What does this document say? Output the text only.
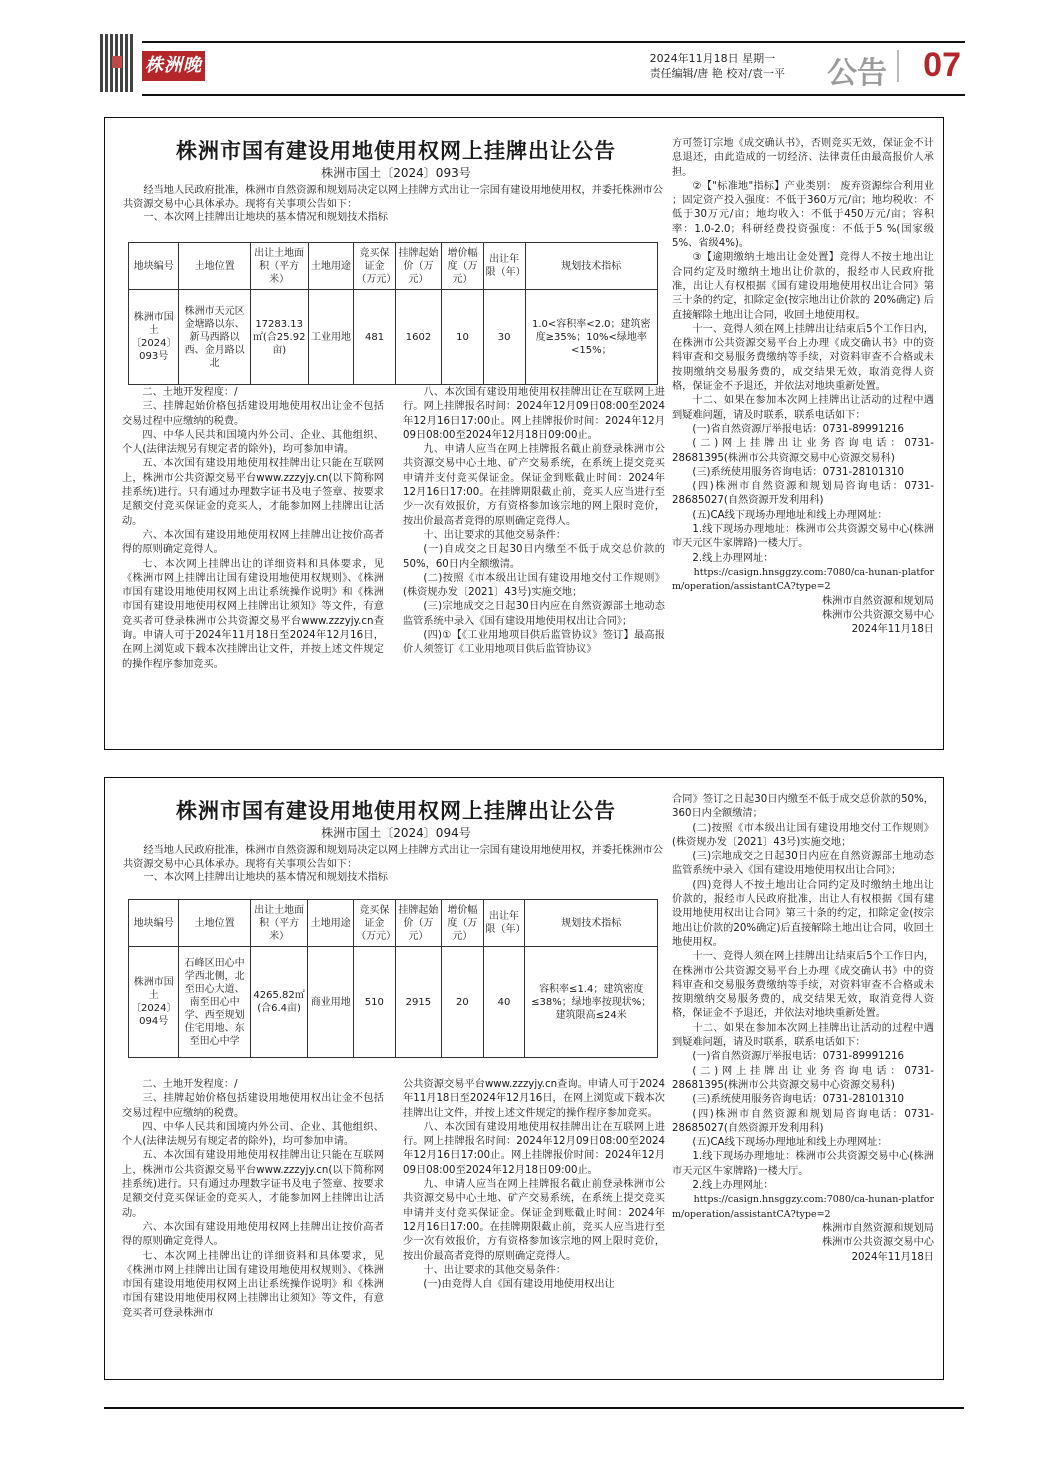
株洲晚报
2024年11月18日 星期一
责任编辑/唐 艳 校对/袁一平 公告 07
株洲市国有建设用地使用权网上挂牌出让公告
株洲市国土〔2024〕093号

经当地人民政府批准，株洲市自然资源和规划局决定以网上挂牌方式出让一宗国有建设用地使用权，并委托株洲市公共资源交易中心具体承办。现将有关事项公告如下：

一、本次网上挂牌出让地块的基本情况和规划技术指标

地块编号	土地位置	出让土地面积（平方米）	土地用途	竞买保证金（万元）	挂牌起始价（万元）	增价幅度（万元）	出让年限（年）	规划技术指标
株洲市国土〔2024〕093号	株洲市天元区金塘路以东、新马西路以西、金月路以北	17283.13㎡(合25.92亩)	工业用地	481	1602	10	30	1.0<容积率<2.0；建筑密度≥35%；10%<绿地率<15%；

二、土地开发程度：/

三、挂牌起始价格包括建设用地使用权出让金不包括交易过程中应缴纳的税费。

四、中华人民共和国境内外公司、企业、其他组织、个人(法律法规另有规定者的除外)，均可参加申请。

五、本次国有建设用地使用权挂牌出让只能在互联网上，株洲市公共资源交易平台www.zzzyjy.cn(以下简称网挂系统)进行。只有通过办理数字证书及电子签章、按要求足额交付竞买保证金的竞买人，才能参加网上挂牌出让活动。

六、本次国有建设用地使用权网上挂牌出让按价高者得的原则确定竞得人。

七、本次网上挂牌出让的详细资料和具体要求，见《株洲市网上挂牌出让国有建设用地使用权规则》、《株洲市国有建设用地使用权网上出让系统操作说明》和《株洲市国有建设用地使用权网上挂牌出让须知》等文件，有意竞买者可登录株洲市公共资源交易平台www.zzzyjy.cn查询。申请人可于2024年11月18日至2024年12月16日，在网上浏览或下载本次挂牌出让文件，并按上述文件规定的操作程序参加竞买。

八、本次国有建设用地使用权挂牌出让在互联网上进行。网上挂牌报名时间：2024年12月09日08:00至2024年12月16日17:00止。网上挂牌报价时间：2024年12月09日08:00至2024年12月18日09:00止。

九、申请人应当在网上挂牌报名截止前登录株洲市公共资源交易中心土地、矿产交易系统，在系统上提交竞买申请并支付竞买保证金。保证金到账截止时间：2024年12月16日17:00。在挂牌期限截止前，竞买人应当进行至少一次有效报价，方有资格参加该宗地的网上限时竞价，按出价最高者竞得的原则确定竞得人。

十、出让要求的其他交易条件：

(一)自成交之日起30日内缴至不低于成交总价款的50%，60日内全额缴清。

(二)按照《市本级出让国有建设用地交付工作规则》(株资规办发〔2021〕43号)实施交地；

(三)宗地成交之日起30日内应在自然资源部土地动态监管系统中录入《国有建设用地使用权出让合同》；

(四)①【《工业用地项目供后监管协议》签订】最高报价人须签订《工业用地项目供后监管协议》

方可签订宗地《成交确认书》，否则竞买无效，保证金不计息退还，由此造成的一切经济、法律责任由最高报价人承担。

②【"标准地"指标】产业类别： 废弃资源综合利用业 ；固定资产投入强度：不低于360万元/亩；地均税收：不低于30万元/亩；地均收入：不低于450万元/亩；容积率：1.0-2.0；科研经费投资强度：不低于5 %(国家级5%、省级4%)。

③【逾期缴纳土地出让金处置】竞得人不按土地出让合同约定及时缴纳土地出让价款的，报经市人民政府批准，出让人有权根据《国有建设用地使用权出让合同》第三十条的约定，扣除定金(按宗地出让价款的 20%确定) 后直接解除土地出让合同，收回土地使用权。

十一、竞得人须在网上挂牌出让结束后5个工作日内，在株洲市公共资源交易平台上办理《成交确认书》中的资料审查和交易服务费缴纳等手续，对资料审查不合格或未按期缴纳交易服务费的，成交结果无效，取消竞得人资格，保证金不予退还，并依法对地块重新处置。

十二、如果在参加本次网上挂牌出让活动的过程中遇到疑难问题，请及时联系，联系电话如下：

(一)省自然资源厅举报电话：0731-89991216

(二)网上挂牌出让业务咨询电话：0731-28681395(株洲市公共资源交易中心资源交易科)

(三)系统使用服务咨询电话：0731-28101310

(四)株洲市自然资源和规划局咨询电话：0731-28685027(自然资源开发利用科)

(五)CA线下现场办理地址和线上办理网址：

1.线下现场办理地址：株洲市公共资源交易中心(株洲市天元区牛家牌路)一楼大厅。

2.线上办理网址：

https://casign.hnsggzy.com:7080/ca-hunan-platform/operation/assistantCA?type=2

株洲市自然资源和规划局

株洲市公共资源交易中心

2024年11月18日

株洲市国有建设用地使用权网上挂牌出让公告
株洲市国土〔2024〕094号

经当地人民政府批准，株洲市自然资源和规划局决定以网上挂牌方式出让一宗国有建设用地使用权，并委托株洲市公共资源交易中心具体承办。现将有关事项公告如下：

一、本次网上挂牌出让地块的基本情况和规划技术指标

地块编号	土地位置	出让土地面积（平方米）	土地用途	竞买保证金（万元）	挂牌起始价（万元）	增价幅度（万元）	出让年限（年）	规划技术指标
株洲市国土〔2024〕094号	石峰区田心中学西北侧，北至田心大道、南至田心中学、西至规划住宅用地、东至田心中学	4265.82㎡(合6.4亩)	商业用地	510	2915	20	40	容积率≤1.4；建筑密度≤38%；绿地率按现状%；建筑限高≤24米

二、土地开发程度：/

三、挂牌起始价格包括建设用地使用权出让金不包括交易过程中应缴纳的税费。

四、中华人民共和国境内外公司、企业、其他组织、个人(法律法规另有规定者的除外)，均可参加申请。

五、本次国有建设用地使用权挂牌出让只能在互联网上，株洲市公共资源交易平台www.zzzyjy.cn(以下简称网挂系统)进行。只有通过办理数字证书及电子签章、按要求足额交付竞买保证金的竞买人，才能参加网上挂牌出让活动。

六、本次国有建设用地使用权网上挂牌出让按价高者得的原则确定竞得人。

七、本次网上挂牌出让的详细资料和具体要求，见《株洲市网上挂牌出让国有建设用地使用权规则》、《株洲市国有建设用地使用权网上出让系统操作说明》和《株洲市国有建设用地使用权网上挂牌出让须知》等文件，有意竞买者可登录株洲市

公共资源交易平台www.zzzyjy.cn查询。申请人可于2024年11月18日至2024年12月16日，在网上浏览或下载本次挂牌出让文件，并按上述文件规定的操作程序参加竞买。

八、本次国有建设用地使用权挂牌出让在互联网上进行。网上挂牌报名时间：2024年12月09日08:00至2024年12月16日17:00止。网上挂牌报价时间：2024年12月09日08:00至2024年12月18日09:00止。

九、申请人应当在网上挂牌报名截止前登录株洲市公共资源交易中心土地、矿产交易系统，在系统上提交竞买申请并支付竞买保证金。保证金到账截止时间：2024年12月16日17:00。在挂牌期限截止前，竞买人应当进行至少一次有效报价，方有资格参加该宗地的网上限时竞价，按出价最高者竞得的原则确定竞得人。

十、出让要求的其他交易条件：

(一)由竞得人自《国有建设用地使用权出让

合同》签订之日起30日内缴至不低于成交总价款的50%，360日内全额缴清；

(二)按照《市本级出让国有建设用地交付工作规则》(株资规办发〔2021〕43号)实施交地；

(三)宗地成交之日起30日内应在自然资源部土地动态监管系统中录入《国有建设用地使用权出让合同》；

(四)竞得人不按土地出让合同约定及时缴纳土地出让价款的，报经市人民政府批准，出让人有权根据《国有建设用地使用权出让合同》第三十条的约定，扣除定金(按宗地出让价款的20%确定)后直接解除土地出让合同，收回土地使用权。

十一、竞得人须在网上挂牌出让结束后5个工作日内，在株洲市公共资源交易平台上办理《成交确认书》中的资料审查和交易服务费缴纳等手续，对资料审查不合格或未按期缴纳交易服务费的，成交结果无效，取消竞得人资格，保证金不予退还，并依法对地块重新处置。

十二、如果在参加本次网上挂牌出让活动的过程中遇到疑难问题，请及时联系，联系电话如下：

(一)省自然资源厅举报电话：0731-89991216

(二)网上挂牌出让业务咨询电话：0731-28681395(株洲市公共资源交易中心资源交易科)

(三)系统使用服务咨询电话：0731-28101310

(四)株洲市自然资源和规划局咨询电话：0731-28685027(自然资源开发利用科)

(五)CA线下现场办理地址和线上办理网址：

1.线下现场办理地址：株洲市公共资源交易中心(株洲市天元区牛家牌路)一楼大厅。

2.线上办理网址：

https://casign.hnsggzy.com:7080/ca-hunan-platform/operation/assistantCA?type=2

株洲市自然资源和规划局

株洲市公共资源交易中心

2024年11月18日
